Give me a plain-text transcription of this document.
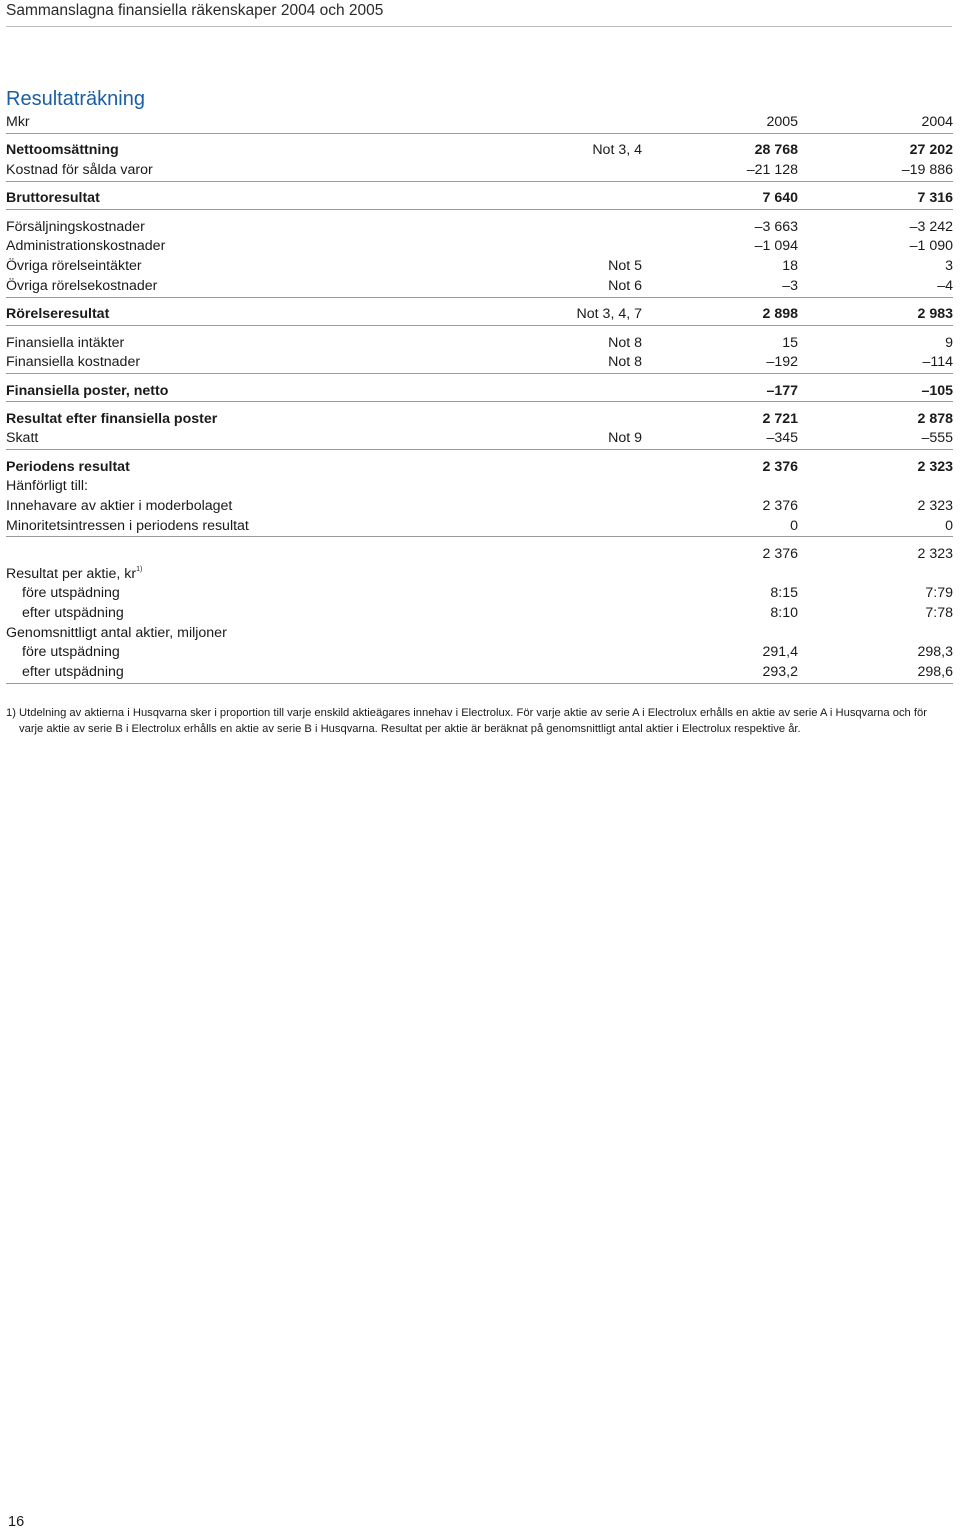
Sammanslagna finansiella räkenskaper 2004 och 2005
Resultaträkning
Mkr	2005	2004
Nettoomsättning	Not 3, 4	28 768	27 202
Kostnad för sålda varor	–21 128	–19 886
Bruttoresultat	7 640	7 316
Försäljningskostnader	–3 663	–3 242
Administrationskostnader	–1 094	–1 090
Övriga rörelseintäkter	Not 5	18	3
Övriga rörelsekostnader	Not 6	–3	–4
Rörelseresultat	Not 3, 4, 7	2 898	2 983
Finansiella intäkter	Not 8	15	9
Finansiella kostnader	Not 8	–192	–114
Finansiella poster, netto	–177	–105
Resultat efter finansiella poster	2 721	2 878
Skatt	Not 9	–345	–555
Periodens resultat	2 376	2 323
Hänförligt till:
Innehavare av aktier i moderbolaget	2 376	2 323
Minoritetsintressen i periodens resultat	0	0
2 376	2 323
Resultat per aktie, $kr^{1)}$
före utspädning	8:15	7:79
efter utspädning	8:10	7:78
Genomsnittligt antal aktier, miljoner
före utspädning	291,4	298,3
efter utspädning	293,2	298,6
1) Utdelning av aktierna i Husqvarna sker i proportion till varje enskild aktieägares innehav i Electrolux. För varje aktie av serie A i Electrolux erhålls en aktie av serie A i Husqvarna och för
varje aktie av serie B i Electrolux erhålls en aktie av serie B i Husqvarna. Resultat per aktie är beräknat på genomsnittligt antal aktier i Electrolux respektive år.
16
